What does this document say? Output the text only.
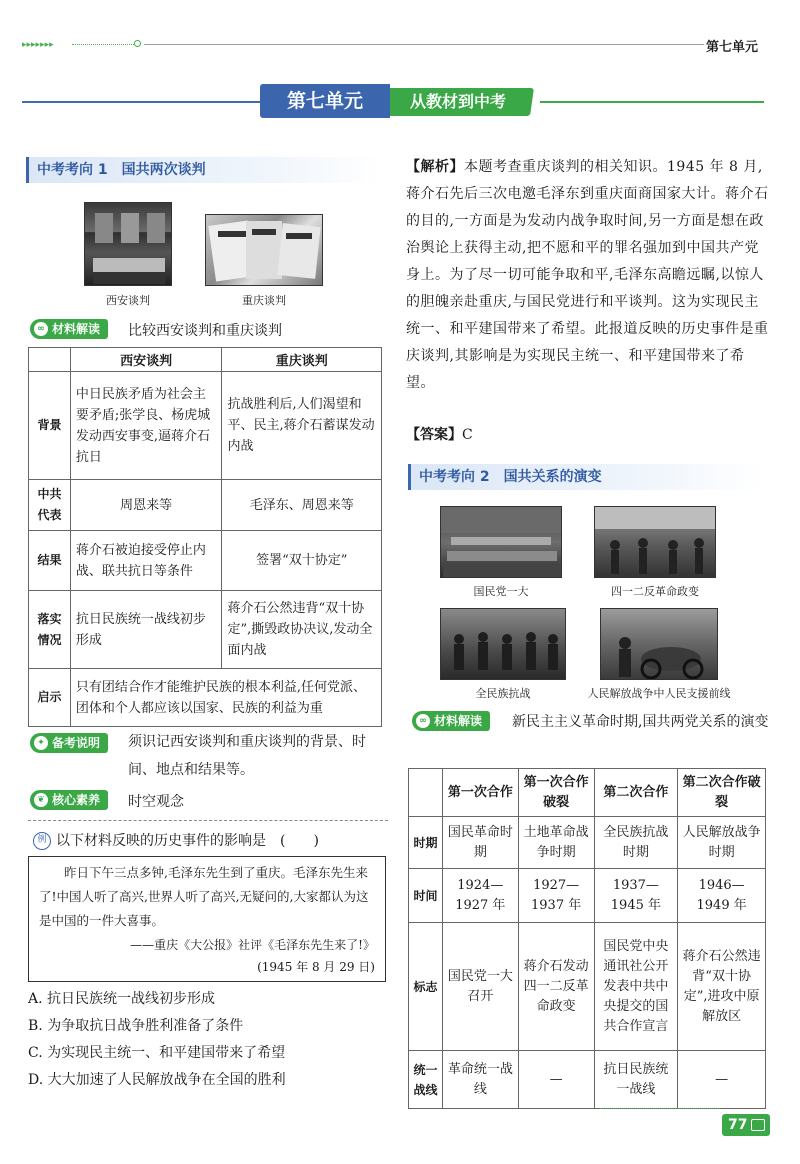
▸▸▸▸▸▸▸	第七单元
从教材到中考
第七单元
中考考向 1　国共两次谈判
西安谈判	重庆谈判
∞ 材料解读	比较西安谈判和重庆谈判
	西安谈判	重庆谈判
背景	中日民族矛盾为社会主要矛盾;张学良、杨虎城发动西安事变,逼蒋介石抗日	抗战胜利后,人们渴望和平、民主,蒋介石蓄谋发动内战
中共代表	周恩来等	毛泽东、周恩来等
结果	蒋介石被迫接受停止内战、联共抗日等条件	签署“双十协定”
落实情况	抗日民族统一战线初步形成	蒋介石公然违背“双十协定”,撕毁政协决议,发动全面内战
启示	只有团结合作才能维护民族的根本利益,任何党派、团体和个人都应该以国家、民族的利益为重	
✦ 备考说明	须识记西安谈判和重庆谈判的背景、时间、地点和结果等。
❦ 核心素养	时空观念
例 以下材料反映的历史事件的影响是　(　　)
昨日下午三点多钟,毛泽东先生到了重庆。毛泽东先生来了!中国人听了高兴,世界人听了高兴,无疑问的,大家都认为这是中国的一件大喜事。
——重庆《大公报》社评《毛泽东先生来了!》
(1945 年 8 月 29 日)
A. 抗日民族统一战线初步形成
B. 为争取抗日战争胜利准备了条件
C. 为实现民主统一、和平建国带来了希望
D. 大大加速了人民解放战争在全国的胜利
【解析】本题考查重庆谈判的相关知识。1945 年 8 月,蒋介石先后三次电邀毛泽东到重庆面商国家大计。蒋介石的目的,一方面是为发动内战争取时间,另一方面是想在政治舆论上获得主动,把不愿和平的罪名强加到中国共产党身上。为了尽一切可能争取和平,毛泽东高瞻远瞩,以惊人的胆魄亲赴重庆,与国民党进行和平谈判。这为实现民主统一、和平建国带来了希望。此报道反映的历史事件是重庆谈判,其影响是为实现民主统一、和平建国带来了希望。
【答案】C
中考考向 2　国共关系的演变
国民党一大	四一二反革命政变
全民族抗战	人民解放战争中人民支援前线
∞ 材料解读	新民主主义革命时期,国共两党关系的演变
	第一次合作	第一次合作破裂	第二次合作	第二次合作破裂
时期	国民革命时期	土地革命战争时期	全民族抗战时期	人民解放战争时期
时间	1924—1927 年	1927—1937 年	1937—1945 年	1946—1949 年
标志	国民党一大召开	蒋介石发动四一二反革命政变	国民党中央通讯社公开发表中共中央提交的国共合作宣言	蒋介石公然违背“双十协定”,进攻中原解放区
统一战线	革命统一战线	—	抗日民族统一战线	—
77
